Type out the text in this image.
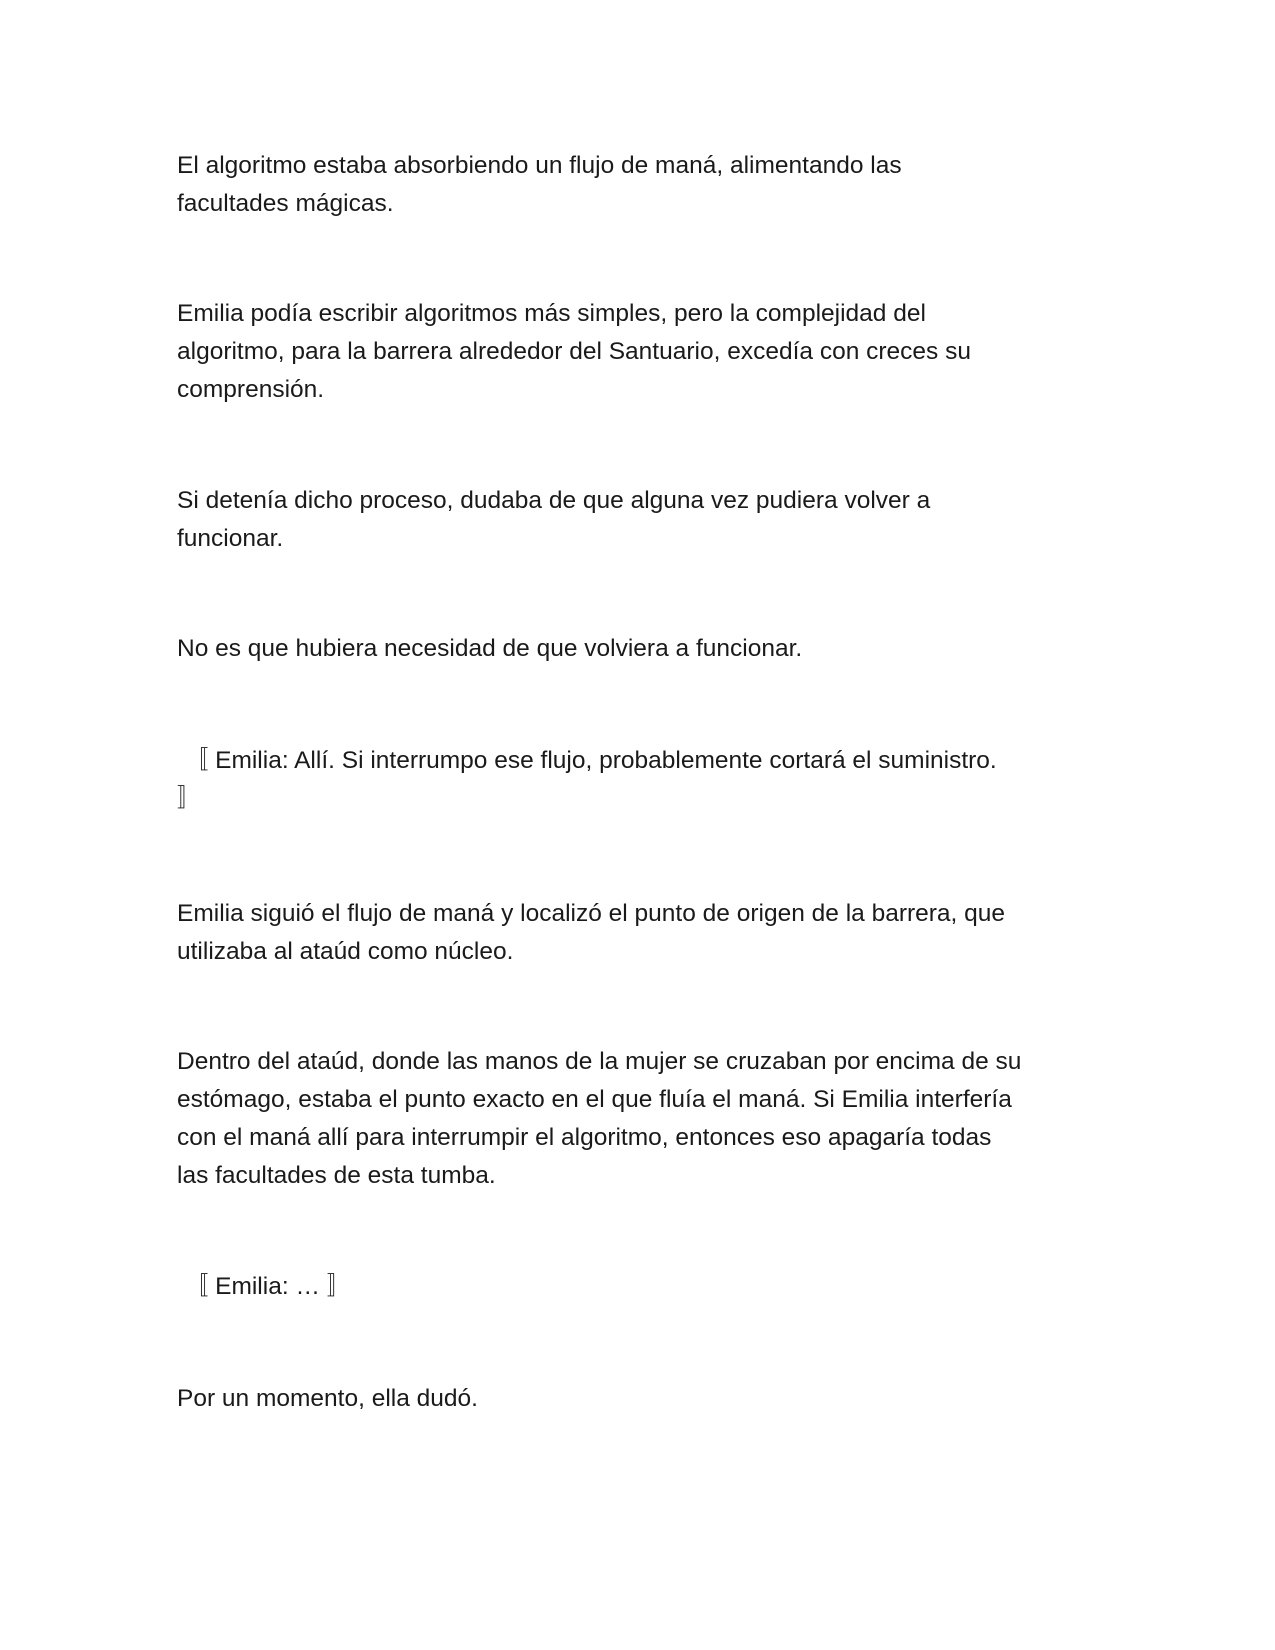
El algoritmo estaba absorbiendo un flujo de maná, alimentando las
facultades mágicas.

Emilia podía escribir algoritmos más simples, pero la complejidad del
algoritmo, para la barrera alrededor del Santuario, excedía con creces su
comprensión.

Si detenía dicho proceso, dudaba de que alguna vez pudiera volver a
funcionar.

No es que hubiera necesidad de que volviera a funcionar.

〚 Emilia: Allí. Si interrumpo ese flujo, probablemente cortará el suministro.
〛

Emilia siguió el flujo de maná y localizó el punto de origen de la barrera, que
utilizaba al ataúd como núcleo.

Dentro del ataúd, donde las manos de la mujer se cruzaban por encima de su
estómago, estaba el punto exacto en el que fluía el maná. Si Emilia interfería
con el maná allí para interrumpir el algoritmo, entonces eso apagaría todas
las facultades de esta tumba.

〚 Emilia: … 〛

Por un momento, ella dudó.
